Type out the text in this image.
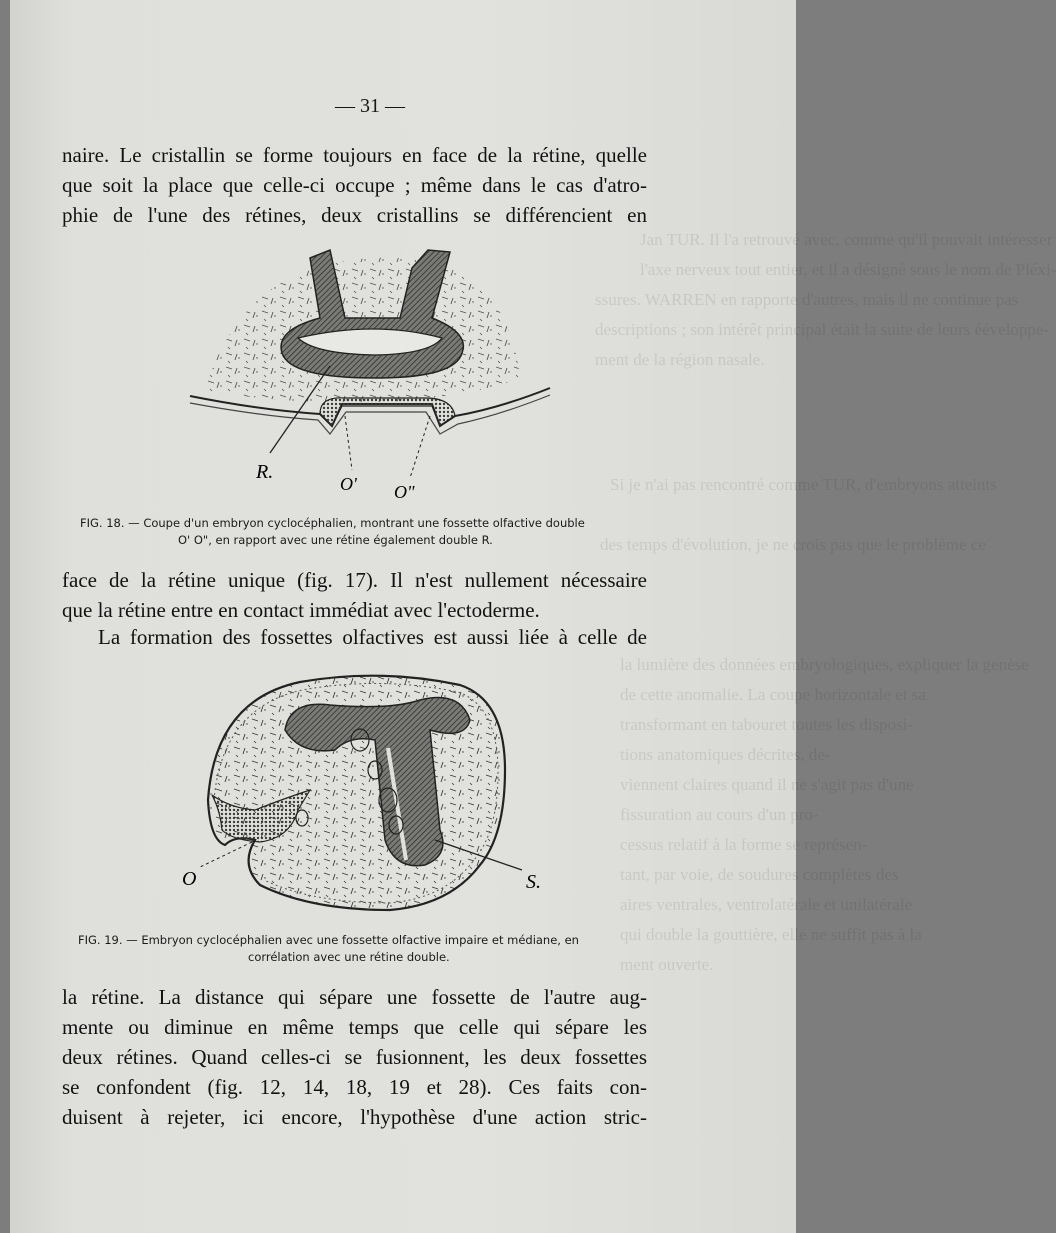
Jan TUR. Il l'a retrouvé avec, comme qu'il pouvait intéresser
l'axe nerveux tout entier, et il a désigné sous le nom de Pléxi-
ssures. WARREN en rapporte d'autres, mais il ne continue pas
descriptions ; son intérêt principal était la suite de leurs ééveloppe-
ment de la région nasale.
Si je n'ai pas rencontré comme TUR, d'embryons atteints
des temps d'évolution, je ne crois pas que le problème ce
la lumière des données embryologiques, expliquer la genèse
de cette anomalie. La coupe horizontale et sa
transformant en tabouret toutes les disposi-
tions anatomiques décrites, de-
viennent claires quand il ne s'agit pas d'une
fissuration au cours d'un pro-
cessus relatif à la forme se représen-
tant, par voie, de soudures complètes des
aires ventrales, ventrolatérale et unilatérale
qui double la gouttière, elle ne suffit pas à la
ment ouverte.
— 31 —
naire. Le cristallin se forme toujours en face de la rétine, quelle
que soit la place que celle-ci occupe ; même dans le cas d'atro-
phie de l'une des rétines, deux cristallins se différencient en
R.
O' O"
FIG. 18. — Coupe d'un embryon cyclocéphalien, montrant une fossette olfactive double
O' O", en rapport avec une rétine également double R.
face de la rétine unique (fig. 17). Il n'est nullement nécessaire
que la rétine entre en contact immédiat avec l'ectoderme.
La formation des fossettes olfactives est aussi liée à celle de
O	S.
FIG. 19. — Embryon cyclocéphalien avec une fossette olfactive impaire et médiane, en
corrélation avec une rétine double.
la rétine. La distance qui sépare une fossette de l'autre aug-
mente ou diminue en même temps que celle qui sépare les
deux rétines. Quand celles-ci se fusionnent, les deux fossettes
se confondent (fig. 12, 14, 18, 19 et 28). Ces faits con-
duisent à rejeter, ici encore, l'hypothèse d'une action stric-
